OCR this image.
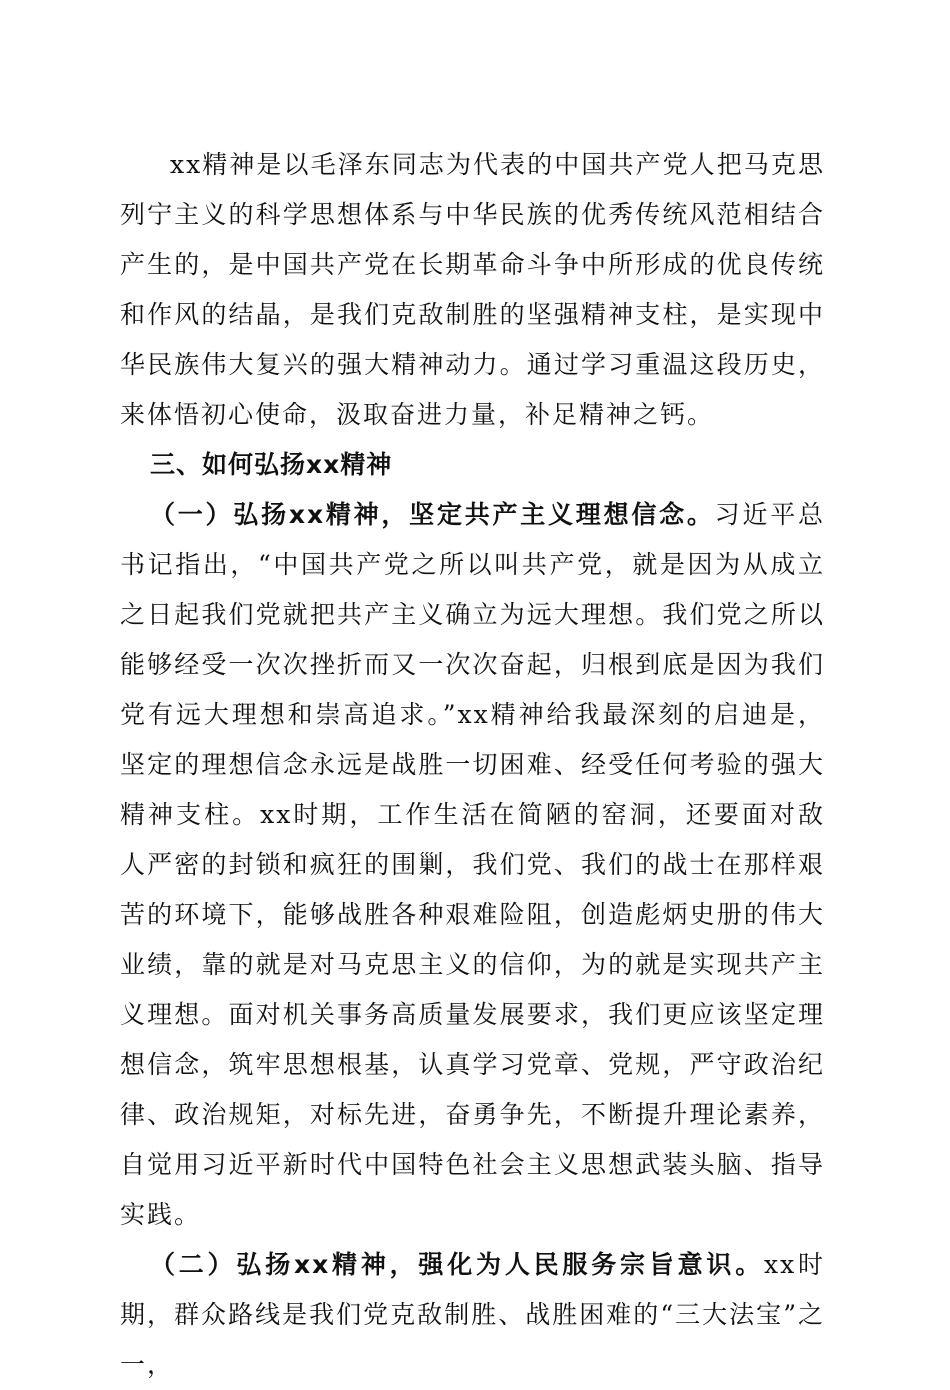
xx精神是以毛泽东同志为代表的中国共产党人把马克思列宁主义的科学思想体系与中华民族的优秀传统风范相结合产生的，是中国共产党在长期革命斗争中所形成的优良传统和作风的结晶，是我们克敌制胜的坚强精神支柱，是实现中华民族伟大复兴的强大精神动力。通过学习重温这段历史，来体悟初心使命，汲取奋进力量，补足精神之钙。

三、如何弘扬xx精神

（一）弘扬xx精神，坚定共产主义理想信念。习近平总书记指出，“中国共产党之所以叫共产党，就是因为从成立之日起我们党就把共产主义确立为远大理想。我们党之所以能够经受一次次挫折而又一次次奋起，归根到底是因为我们党有远大理想和崇高追求。”xx精神给我最深刻的启迪是，坚定的理想信念永远是战胜一切困难、经受任何考验的强大精神支柱。xx时期，工作生活在简陋的窑洞，还要面对敌人严密的封锁和疯狂的围剿，我们党、我们的战士在那样艰苦的环境下，能够战胜各种艰难险阻，创造彪炳史册的伟大业绩，靠的就是对马克思主义的信仰，为的就是实现共产主义理想。面对机关事务高质量发展要求，我们更应该坚定理想信念，筑牢思想根基，认真学习党章、党规，严守政治纪律、政治规矩，对标先进，奋勇争先，不断提升理论素养，自觉用习近平新时代中国特色社会主义思想武装头脑、指导实践。

（二）弘扬xx精神，强化为人民服务宗旨意识。xx时期，群众路线是我们党克敌制胜、战胜困难的“三大法宝”之一，
